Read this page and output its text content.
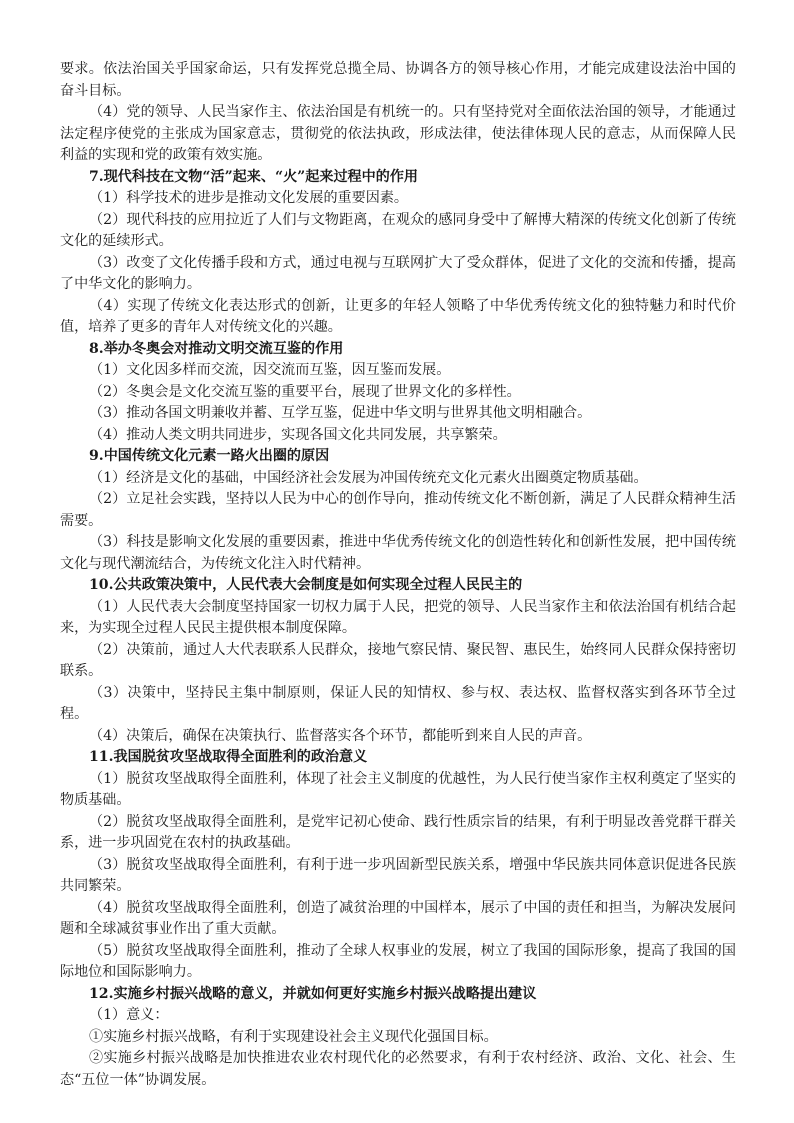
要求。依法治国关乎国家命运，只有发挥党总揽全局、协调各方的领导核心作用，才能完成建设法治中国的奋斗目标。

（4）党的领导、人民当家作主、依法治国是有机统一的。只有坚持党对全面依法治国的领导，才能通过法定程序使党的主张成为国家意志，贯彻党的依法执政，形成法律，使法律体现人民的意志，从而保障人民利益的实现和党的政策有效实施。

7.现代科技在文物“活”起来、“火”起来过程中的作用

（1）科学技术的进步是推动文化发展的重要因素。

（2）现代科技的应用拉近了人们与文物距离，在观众的感同身受中了解博大精深的传统文化创新了传统文化的延续形式。

（3）改变了文化传播手段和方式，通过电视与互联网扩大了受众群体，促进了文化的交流和传播，提高了中华文化的影响力。

（4）实现了传统文化表达形式的创新，让更多的年轻人领略了中华优秀传统文化的独特魅力和时代价值，培养了更多的青年人对传统文化的兴趣。

8.举办冬奥会对推动文明交流互鉴的作用

（1）文化因多样而交流，因交流而互鉴，因互鉴而发展。

（2）冬奥会是文化交流互鉴的重要平台，展现了世界文化的多样性。

（3）推动各国文明兼收并蓄、互学互鉴，促进中华文明与世界其他文明相融合。

（4）推动人类文明共同进步，实现各国文化共同发展，共享繁荣。

9.中国传统文化元素一路火出圈的原因

（1）经济是文化的基础，中国经济社会发展为冲国传统充文化元素火出圈奠定物质基础。

（2）立足社会实践，坚持以人民为中心的创作导向，推动传统文化不断创新，满足了人民群众精神生活需要。

（3）科技是影响文化发展的重要因素，推进中华优秀传统文化的创造性转化和创新性发展，把中国传统文化与现代潮流结合，为传统文化注入时代精神。

10.公共政策决策中，人民代表大会制度是如何实现全过程人民民主的

（1）人民代表大会制度坚持国家一切权力属于人民，把党的领导、人民当家作主和依法治国有机结合起来，为实现全过程人民民主提供根本制度保障。

（2）决策前，通过人大代表联系人民群众，接地气察民情、聚民智、惠民生，始终同人民群众保持密切联系。

（3）决策中，坚持民主集中制原则，保证人民的知情权、参与权、表达权、监督权落实到各环节全过程。

（4）决策后，确保在决策执行、监督落实各个环节，都能听到来自人民的声音。

11.我国脱贫攻坚战取得全面胜利的政治意义

（1）脱贫攻坚战取得全面胜利，体现了社会主义制度的优越性，为人民行使当家作主权利奠定了坚实的物质基础。

（2）脱贫攻坚战取得全面胜利，是党牢记初心使命、践行性质宗旨的结果，有利于明显改善党群干群关系，进一步巩固党在农村的执政基础。

（3）脱贫攻坚战取得全面胜利，有利于进一步巩固新型民族关系，增强中华民族共同体意识促进各民族共同繁荣。

（4）脱贫攻坚战取得全面胜利，创造了减贫治理的中国样本，展示了中国的责任和担当，为解决发展问题和全球减贫事业作出了重大贡献。

（5）脱贫攻坚战取得全面胜利，推动了全球人权事业的发展，树立了我国的国际形象，提高了我国的国际地位和国际影响力。

12.实施乡村振兴战略的意义，并就如何更好实施乡村振兴战略提出建议

（1）意义：

①实施乡村振兴战略，有利于实现建设社会主义现代化强国目标。

②实施乡村振兴战略是加快推进农业农村现代化的必然要求，有利于农村经济、政治、文化、社会、生态“五位一体”协调发展。
